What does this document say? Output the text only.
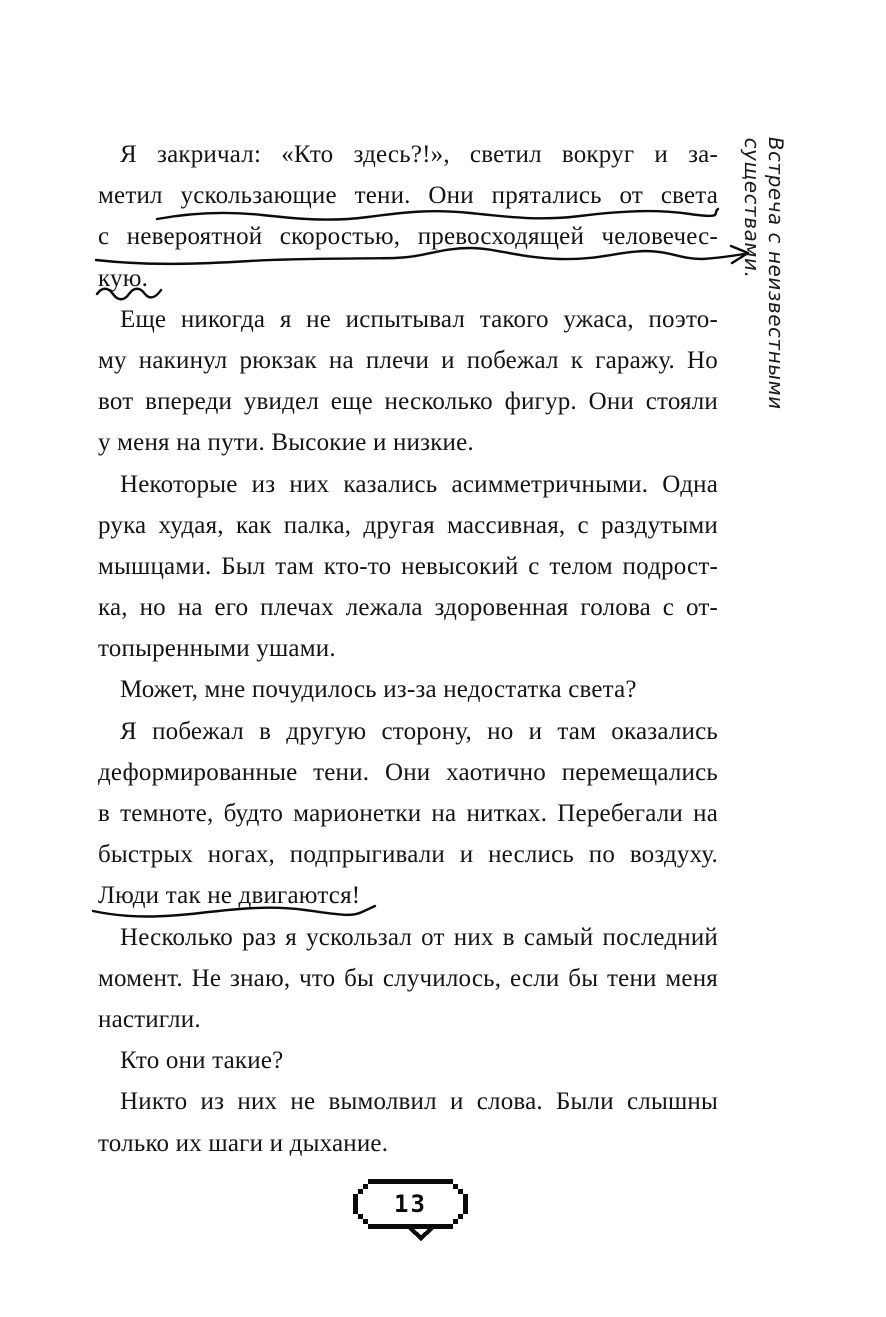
Я закричал: «Кто здесь?!», светил вокруг и за-
метил ускользающие тени. Они прятались от света
с невероятной скоростью, превосходящей человечес-
кую.
Еще никогда я не испытывал такого ужаса, поэто-
му накинул рюкзак на плечи и побежал к гаражу. Но
вот впереди увидел еще несколько фигур. Они стояли
у меня на пути. Высокие и низкие.
Некоторые из них казались асимметричными. Одна
рука худая, как палка, другая массивная, с раздутыми
мышцами. Был там кто-то невысокий с телом подрост-
ка, но на его плечах лежала здоровенная голова с от-
топыренными ушами.
Может, мне почудилось из-за недостатка света?
Я побежал в другую сторону, но и там оказались
деформированные тени. Они хаотично перемещались
в темноте, будто марионетки на нитках. Перебегали на
быстрых ногах, подпрыгивали и неслись по воздуху.
Люди так не двигаются!
Несколько раз я ускользал от них в самый последний
момент. Не знаю, что бы случилось, если бы тени меня
настигли.
Кто они такие?
Никто из них не вымолвил и слова. Были слышны
только их шаги и дыхание.
Встреча с неизвестными существами.
13
